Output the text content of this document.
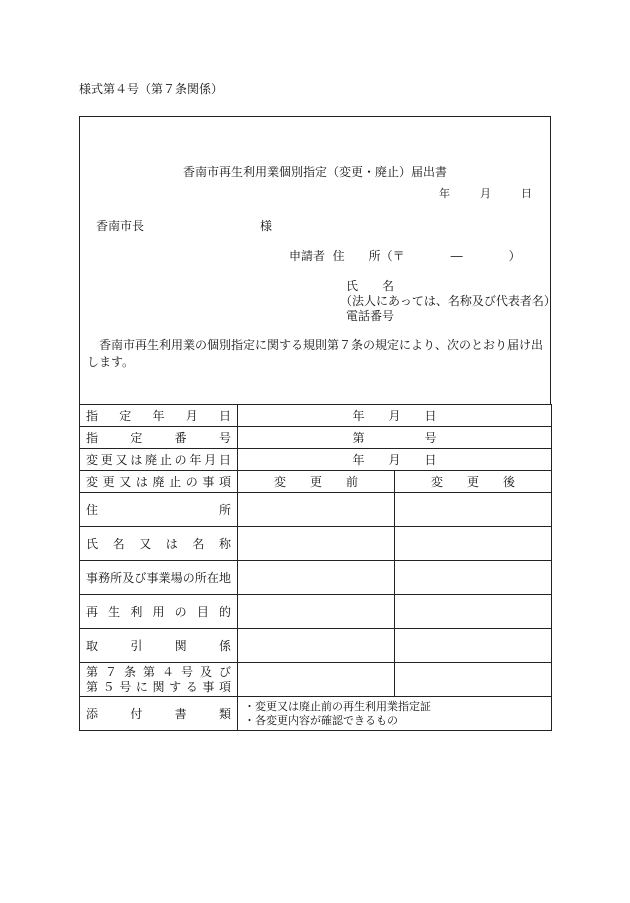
様式第４号（第７条関係）
香南市再生利用業個別指定（変更・廃止）届出書
年	月	日
香南市長	様
申請者 住　　所（〒	―	）
氏　　名
（法人にあっては、名称及び代表者名）
電話番号
香南市再生利用業の個別指定に関する規則第７条の規定により、次のとおり届け出します。
指定年月日	年　　月　　日	
指定番号	第　　　　　号	
変更又は廃止の年月日	年　　月　　日	
変更又は廃止の事項	変　　更　　前	変　　更　　後
住所		
氏名又は名称		
事務所及び事業場の所在地		
再生利用の目的		
取引関係		

第７条第４号及び
第５号に関する事項		

添付書類	・変更又は廃止前の再生利用業指定証
・各変更内容が確認できるもの	
